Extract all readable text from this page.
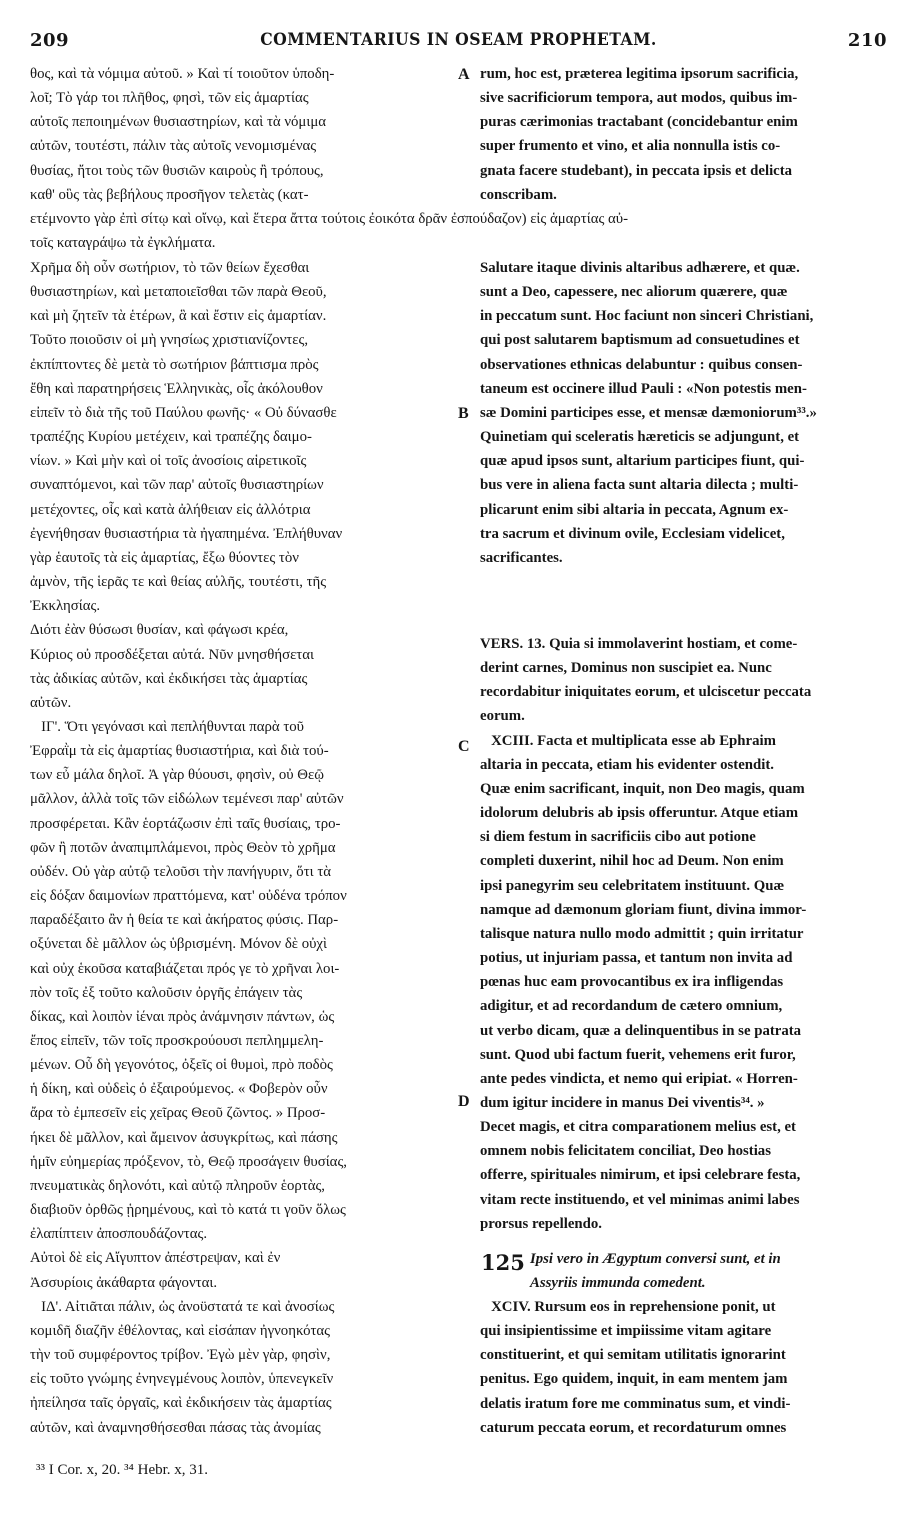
209	COMMENTARIUS IN OSEAM PROPHETAM.	210
θος, καὶ τὰ νόμιμα αὐτοῦ. » Καὶ τί τοιοῦτον ὑποδη-
λοῖ; Τὸ γάρ τοι πλῆθος, φησὶ, τῶν εἰς ἁμαρτίας
αὐτοῖς πεποιημένων θυσιαστηρίων, καὶ τὰ νόμιμα
αὐτῶν, τουτέστι, πάλιν τὰς αὐτοῖς νενομισμένας
θυσίας, ἤτοι τοὺς τῶν θυσιῶν καιροὺς ἢ τρόπους,
καθ' οὓς τὰς βεβήλους προσῆγον τελετὰς (κατ-
rum, hoc est, præterea legitima ipsorum sacrificia,
sive sacrificiorum tempora, aut modos, quibus im-
puras cærimonias tractabant (concidebantur enim
super frumento et vino, et alia nonnulla istis co-
gnata facere studebant), in peccata ipsis et delicta
conscribam.
A
ετέμνοντο γὰρ ἐπὶ σίτῳ καὶ οἴνῳ, καὶ ἕτερα ἄττα τούτοις ἐοικότα δρᾶν ἐσπούδαζον) εἰς ἁμαρτίας αὐ-
τοῖς καταγράψω τὰ ἐγκλήματα.
Χρῆμα δὴ οὖν σωτήριον, τὸ τῶν θείων ἔχεσθαι
θυσιαστηρίων, καὶ μεταποιεῖσθαι τῶν παρὰ Θεοῦ,
καὶ μὴ ζητεῖν τὰ ἑτέρων, ἃ καὶ ἔστιν εἰς ἁμαρτίαν.
Τοῦτο ποιοῦσιν οἱ μὴ γνησίως χριστιανίζοντες,
ἐκπίπτοντες δὲ μετὰ τὸ σωτήριον βάπτισμα πρὸς
ἔθη καὶ παρατηρήσεις Ἑλληνικὰς, οἷς ἀκόλουθον
εἰπεῖν τὸ διὰ τῆς τοῦ Παύλου φωνῆς· « Οὐ δύνασθε
τραπέζης Κυρίου μετέχειν, καὶ τραπέζης δαιμο-
νίων. » Καὶ μὴν καὶ οἱ τοῖς ἀνοσίοις αἱρετικοῖς
συναπτόμενοι, καὶ τῶν παρ' αὐτοῖς θυσιαστηρίων
μετέχοντες, οἷς καὶ κατὰ ἀλήθειαν εἰς ἀλλότρια
ἐγενήθησαν θυσιαστήρια τὰ ἠγαπημένα. Ἐπλήθυναν
γὰρ ἑαυτοῖς τὰ εἰς ἁμαρτίας, ἔξω θύοντες τὸν
ἀμνὸν, τῆς ἱερᾶς τε καὶ θείας αὐλῆς, τουτέστι, τῆς
Ἐκκλησίας.
Διότι ἐὰν θύσωσι θυσίαν, καὶ φάγωσι κρέα,
Κύριος οὐ προσδέξεται αὐτά. Νῦν μνησθήσεται
τὰς ἀδικίας αὐτῶν, καὶ ἐκδικήσει τὰς ἁμαρτίας
αὐτῶν.
ΙΓ'. Ὅτι γεγόνασι καὶ πεπλήθυνται παρὰ τοῦ
Ἐφραῒμ τὰ εἰς ἁμαρτίας θυσιαστήρια, καὶ διὰ τού-
των εὖ μάλα δηλοῖ. Ἀ γὰρ θύουσι, φησὶν, οὐ Θεῷ
μᾶλλον, ἀλλὰ τοῖς τῶν εἰδώλων τεμένεσι παρ' αὐτῶν
προσφέρεται. Κἂν ἑορτάζωσιν ἐπὶ ταῖς θυσίαις, τρο-
φῶν ἢ ποτῶν ἀναπιμπλάμενοι, πρὸς Θεὸν τὸ χρῆμα
οὐδέν. Οὐ γὰρ αὐτῷ τελοῦσι τὴν πανήγυριν, ὅτι τὰ
εἰς δόξαν δαιμονίων πραττόμενα, κατ' οὐδένα τρόπον
παραδέξαιτο ἂν ἡ θεία τε καὶ ἀκήρατος φύσις. Παρ-
οξύνεται δὲ μᾶλλον ὡς ὑβρισμένη. Μόνον δὲ οὐχὶ
καὶ οὐχ ἑκοῦσα καταβιάζεται πρός γε τὸ χρῆναι λοι-
πὸν τοῖς ἐξ τοῦτο καλοῦσιν ὀργῆς ἐπάγειν τὰς
δίκας, καὶ λοιπὸν ἰέναι πρὸς ἀνάμνησιν πάντων, ὡς
ἔπος εἰπεῖν, τῶν τοῖς προσκρούουσι πεπλημμελη-
μένων. Οὗ δὴ γεγονότος, ὀξεῖς οἱ θυμοὶ, πρὸ ποδὸς
ἡ δίκη, καὶ οὐδεὶς ὁ ἐξαιρούμενος. « Φοβερὸν οὖν
ἄρα τὸ ἐμπεσεῖν εἰς χεῖρας Θεοῦ ζῶντος. » Προσ-
ήκει δὲ μᾶλλον, καὶ ἄμεινον ἀσυγκρίτως, καὶ πάσης
ἡμῖν εὐημερίας πρόξενον, τὸ, Θεῷ προσάγειν θυσίας,
πνευματικὰς δηλονότι, καὶ αὐτῷ πληροῦν ἑορτὰς,
διαβιοῦν ὀρθῶς ᾑρημένους, καὶ τὸ κατά τι γοῦν ὅλως
ἐλαπίπτειν ἀποσπουδάζοντας.
Αὐτοὶ δὲ εἰς Αἴγυπτον ἀπέστρεψαν, καὶ ἐν
Ἀσσυρίοις ἀκάθαρτα φάγονται.
ΙΔ'. Αἰτιᾶται πάλιν, ὡς ἀνοϋστατά τε καὶ ἀνοσίως
κομιδῆ διαζῆν ἐθέλοντας, καὶ εἰσάπαν ἠγνοηκότας
τὴν τοῦ συμφέροντος τρίβον. Ἐγὼ μὲν γὰρ, φησὶν,
εἰς τοῦτο γνώμης ἐνηνεγμένους λοιπὸν, ὑπενεγκεῖν
ἠπείλησα ταῖς ὀργαῖς, καὶ ἐκδικήσειν τὰς ἁμαρτίας
αὐτῶν, καὶ ἀναμνησθήσεσθαι πάσας τὰς ἀνομίας
Salutare itaque divinis altaribus adhærere, et quæ.
sunt a Deo, capessere, nec aliorum quærere, quæ
in peccatum sunt. Hoc faciunt non sinceri Christiani,
qui post salutarem baptismum ad consuetudines et
observationes ethnicas delabuntur : quibus consen-
taneum est occinere illud Pauli : «Non potestis men-
sæ Domini participes esse, et mensæ dæmoniorum³³.»
Quinetiam qui sceleratis hæreticis se adjungunt, et
quæ apud ipsos sunt, altarium participes fiunt, qui-
bus vere in aliena facta sunt altaria dilecta ; multi-
plicarunt enim sibi altaria in peccata, Agnum ex-
tra sacrum et divinum ovile, Ecclesiam videlicet,
sacrificantes.
B
VERS. 13. Quia si immolaverint hostiam, et come-
derint carnes, Dominus non suscipiet ea. Nunc
recordabitur iniquitates eorum, et ulciscetur peccata
eorum.
XCIII. Facta et multiplicata esse ab Ephraim
altaria in peccata, etiam his evidenter ostendit.
Quæ enim sacrificant, inquit, non Deo magis, quam
idolorum delubris ab ipsis offeruntur. Atque etiam
si diem festum in sacrificiis cibo aut potione
completi duxerint, nihil hoc ad Deum. Non enim
ipsi panegyrim seu celebritatem instituunt. Quæ
namque ad dæmonum gloriam fiunt, divina immor-
talisque natura nullo modo admittit ; quin irritatur
potius, ut injuriam passa, et tantum non invita ad
pœnas huc eam provocantibus ex ira infligendas
adigitur, et ad recordandum de cætero omnium,
ut verbo dicam, quæ a delinquentibus in se patrata
sunt. Quod ubi factum fuerit, vehemens erit furor,
ante pedes vindicta, et nemo qui eripiat. « Horren-
dum igitur incidere in manus Dei viventis³⁴. »
Decet magis, et citra comparationem melius est, et
omnem nobis felicitatem conciliat, Deo hostias
offerre, spirituales nimirum, et ipsi celebrare festa,
vitam recte instituendo, et vel minimas animi labes
prorsus repellendo.
C
D
125 Ipsi vero in Ægyptum conversi sunt, et in
Assyriis immunda comedent.
XCIV. Rursum eos in reprehensione ponit, ut
qui insipientissime et impiissime vitam agitare
constituerint, et qui semitam utilitatis ignorarint
penitus. Ego quidem, inquit, in eam mentem jam
delatis iratum fore me comminatus sum, et vindi-
caturum peccata eorum, et recordaturum omnes
³³ I Cor. x, 20. ³⁴ Hebr. x, 31.
